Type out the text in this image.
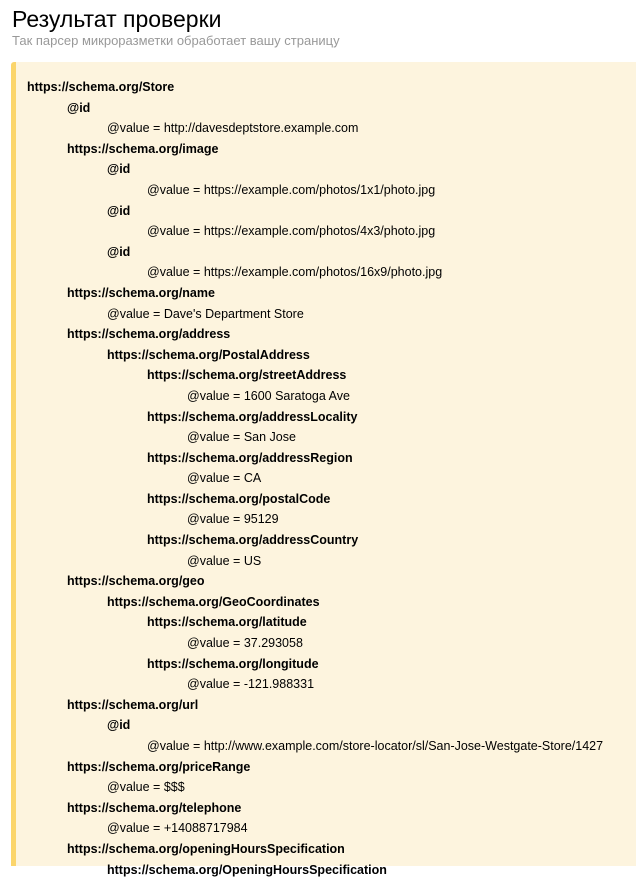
Результат проверки
Так парсер микроразметки обработает вашу страницу
https://schema.org/Store
@id
@value = http://davesdeptstore.example.com
https://schema.org/image
@id
@value = https://example.com/photos/1x1/photo.jpg
@id
@value = https://example.com/photos/4x3/photo.jpg
@id
@value = https://example.com/photos/16x9/photo.jpg
https://schema.org/name
@value = Dave's Department Store
https://schema.org/address
https://schema.org/PostalAddress
https://schema.org/streetAddress
@value = 1600 Saratoga Ave
https://schema.org/addressLocality
@value = San Jose
https://schema.org/addressRegion
@value = CA
https://schema.org/postalCode
@value = 95129
https://schema.org/addressCountry
@value = US
https://schema.org/geo
https://schema.org/GeoCoordinates
https://schema.org/latitude
@value = 37.293058
https://schema.org/longitude
@value = -121.988331
https://schema.org/url
@id
@value = http://www.example.com/store-locator/sl/San-Jose-Westgate-Store/1427
https://schema.org/priceRange
@value = $$$
https://schema.org/telephone
@value = +14088717984
https://schema.org/openingHoursSpecification
https://schema.org/OpeningHoursSpecification
